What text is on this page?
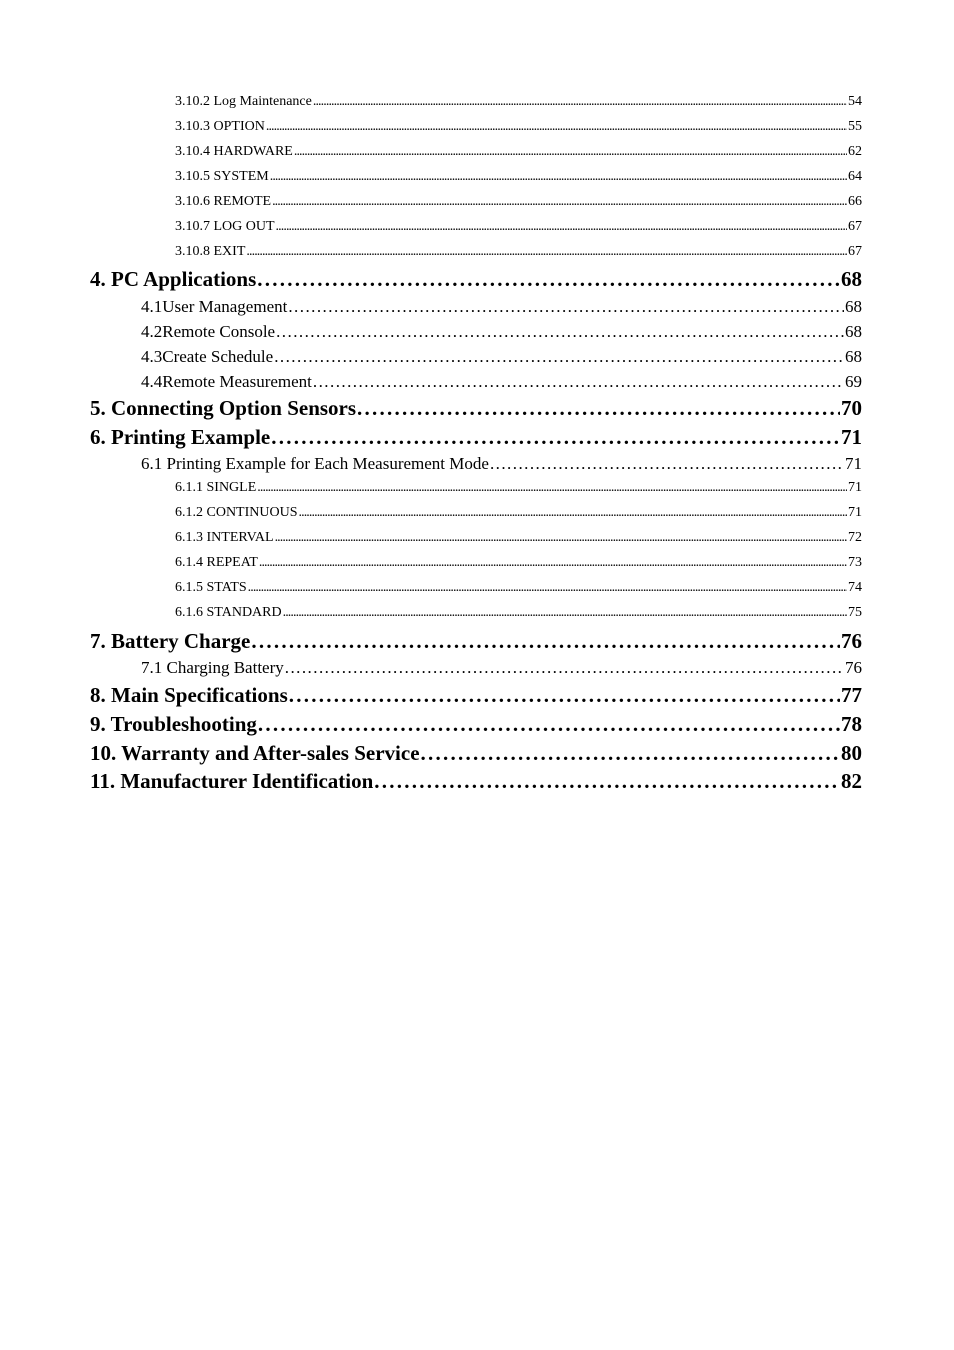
3.10.2 Log Maintenance . . .	54
3.10.3 OPTION . . .	55
3.10.4 HARDWARE . . .	62
3.10.5 SYSTEM . . .	64
3.10.6 REMOTE . . .	66
3.10.7 LOG OUT . . .	67
3.10.8 EXIT . . .	67
4. PC Applications . . .	68
4.1 User Management . . .	68
4.2 Remote Console . . .	68
4.3 Create Schedule . . .	68
4.4 Remote Measurement . . .	69
5. Connecting Option Sensors . . .	70
6. Printing Example . . .	71
6.1 Printing Example for Each Measurement Mode . . .	71
6.1.1 SINGLE . . .	71
6.1.2 CONTINUOUS . . .	71
6.1.3 INTERVAL . . .	72
6.1.4 REPEAT . . .	73
6.1.5 STATS . . .	74
6.1.6 STANDARD . . .	75
7. Battery Charge . . .	76
7.1 Charging Battery . . .	76
8. Main Specifications . . .	77
9. Troubleshooting . . .	78
10. Warranty and After-sales Service . . .	80
11. Manufacturer Identification . . .	82
